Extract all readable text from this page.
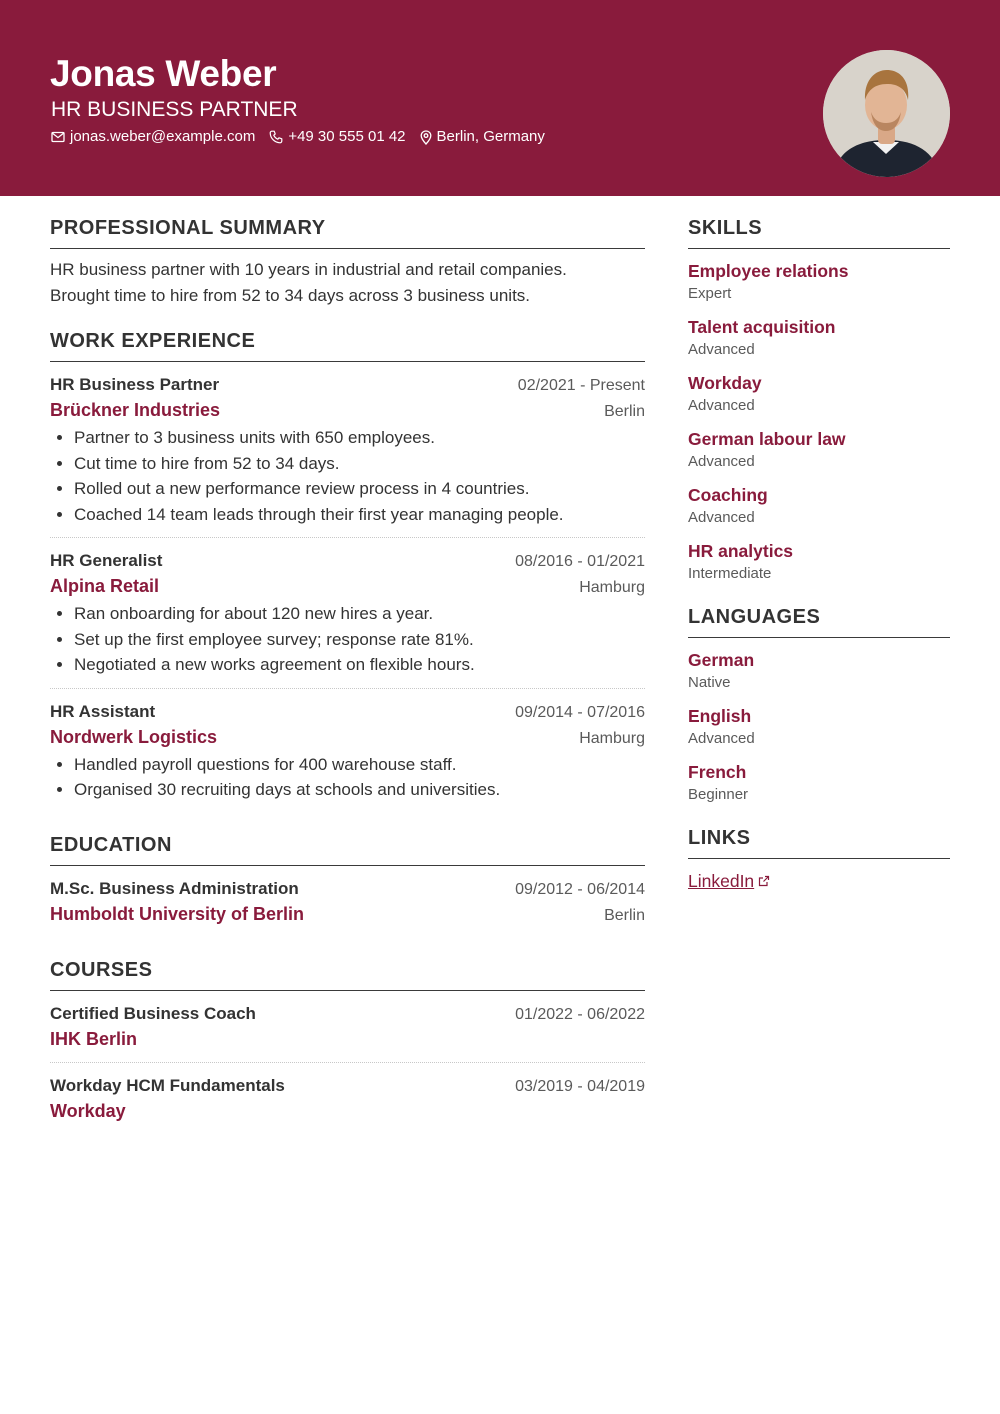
Jonas Weber
HR BUSINESS PARTNER
jonas.weber@example.com +49 30 555 01 42 Berlin, Germany
PROFESSIONAL SUMMARY
HR business partner with 10 years in industrial and retail companies.
Brought time to hire from 52 to 34 days across 3 business units.
WORK EXPERIENCE
HR Business Partner	02/2021 - Present
Brückner Industries	Berlin
• Partner to 3 business units with 650 employees.
• Cut time to hire from 52 to 34 days.
• Rolled out a new performance review process in 4 countries.
• Coached 14 team leads through their first year managing people.
HR Generalist	08/2016 - 01/2021
Alpina Retail	Hamburg
• Ran onboarding for about 120 new hires a year.
• Set up the first employee survey; response rate 81%.
• Negotiated a new works agreement on flexible hours.
HR Assistant	09/2014 - 07/2016
Nordwerk Logistics	Hamburg
• Handled payroll questions for 400 warehouse staff.
• Organised 30 recruiting days at schools and universities.
EDUCATION
M.Sc. Business Administration	09/2012 - 06/2014
Humboldt University of Berlin	Berlin
COURSES
Certified Business Coach	01/2022 - 06/2022
IHK Berlin
Workday HCM Fundamentals	03/2019 - 04/2019
Workday
SKILLS
Employee relations
Expert
Talent acquisition
Advanced
Workday
Advanced
German labour law
Advanced
Coaching
Advanced
HR analytics
Intermediate
LANGUAGES
German
Native
English
Advanced
French
Beginner
LINKS
LinkedIn
